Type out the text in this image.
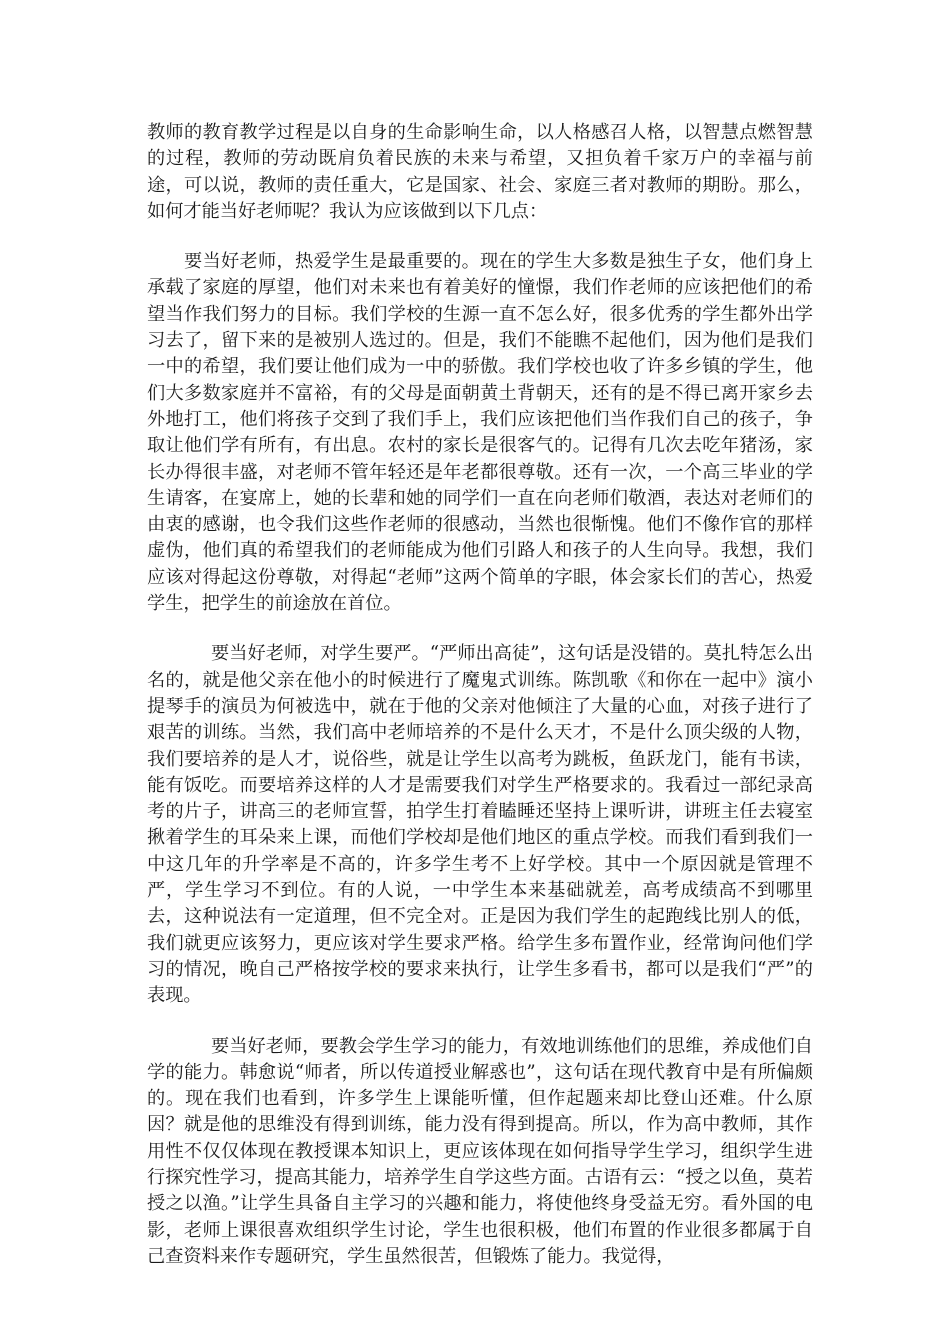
教师的教育教学过程是以自身的生命影响生命，以人格感召人格，以智慧点燃智慧的过程，教师的劳动既肩负着民族的未来与希望，又担负着千家万户的幸福与前途，可以说，教师的责任重大，它是国家、社会、家庭三者对教师的期盼。那么，如何才能当好老师呢？我认为应该做到以下几点：

要当好老师，热爱学生是最重要的。现在的学生大多数是独生子女，他们身上承载了家庭的厚望，他们对未来也有着美好的憧憬，我们作老师的应该把他们的希望当作我们努力的目标。我们学校的生源一直不怎么好，很多优秀的学生都外出学习去了，留下来的是被别人选过的。但是，我们不能瞧不起他们，因为他们是我们一中的希望，我们要让他们成为一中的骄傲。我们学校也收了许多乡镇的学生，他们大多数家庭并不富裕，有的父母是面朝黄土背朝天，还有的是不得已离开家乡去外地打工，他们将孩子交到了我们手上，我们应该把他们当作我们自己的孩子，争取让他们学有所有，有出息。农村的家长是很客气的。记得有几次去吃年猪汤，家长办得很丰盛，对老师不管年轻还是年老都很尊敬。还有一次，一个高三毕业的学生请客，在宴席上，她的长辈和她的同学们一直在向老师们敬酒，表达对老师们的由衷的感谢，也令我们这些作老师的很感动，当然也很惭愧。他们不像作官的那样虚伪，他们真的希望我们的老师能成为他们引路人和孩子的人生向导。我想，我们应该对得起这份尊敬，对得起“老师”这两个简单的字眼，体会家长们的苦心，热爱学生，把学生的前途放在首位。

要当好老师，对学生要严。“严师出高徒”，这句话是没错的。莫扎特怎么出名的，就是他父亲在他小的时候进行了魔鬼式训练。陈凯歌《和你在一起中》演小提琴手的演员为何被选中，就在于他的父亲对他倾注了大量的心血，对孩子进行了艰苦的训练。当然，我们高中老师培养的不是什么天才，不是什么顶尖级的人物，我们要培养的是人才，说俗些，就是让学生以高考为跳板，鱼跃龙门，能有书读，能有饭吃。而要培养这样的人才是需要我们对学生严格要求的。我看过一部纪录高考的片子，讲高三的老师宣誓，拍学生打着瞌睡还坚持上课听讲，讲班主任去寝室揪着学生的耳朵来上课，而他们学校却是他们地区的重点学校。而我们看到我们一中这几年的升学率是不高的，许多学生考不上好学校。其中一个原因就是管理不严，学生学习不到位。有的人说，一中学生本来基础就差，高考成绩高不到哪里去，这种说法有一定道理，但不完全对。正是因为我们学生的起跑线比别人的低，我们就更应该努力，更应该对学生要求严格。给学生多布置作业，经常询问他们学习的情况，晚自己严格按学校的要求来执行，让学生多看书，都可以是我们“严”的表现。

要当好老师，要教会学生学习的能力，有效地训练他们的思维，养成他们自学的能力。韩愈说“师者，所以传道授业解惑也”，这句话在现代教育中是有所偏颇的。现在我们也看到，许多学生上课能听懂，但作起题来却比登山还难。什么原因？就是他的思维没有得到训练，能力没有得到提高。所以，作为高中教师，其作用性不仅仅体现在教授课本知识上，更应该体现在如何指导学生学习，组织学生进行探究性学习，提高其能力，培养学生自学这些方面。古语有云：“授之以鱼，莫若授之以渔。”让学生具备自主学习的兴趣和能力，将使他终身受益无穷。看外国的电影，老师上课很喜欢组织学生讨论，学生也很积极，他们布置的作业很多都属于自己查资料来作专题研究，学生虽然很苦，但锻炼了能力。我觉得，
